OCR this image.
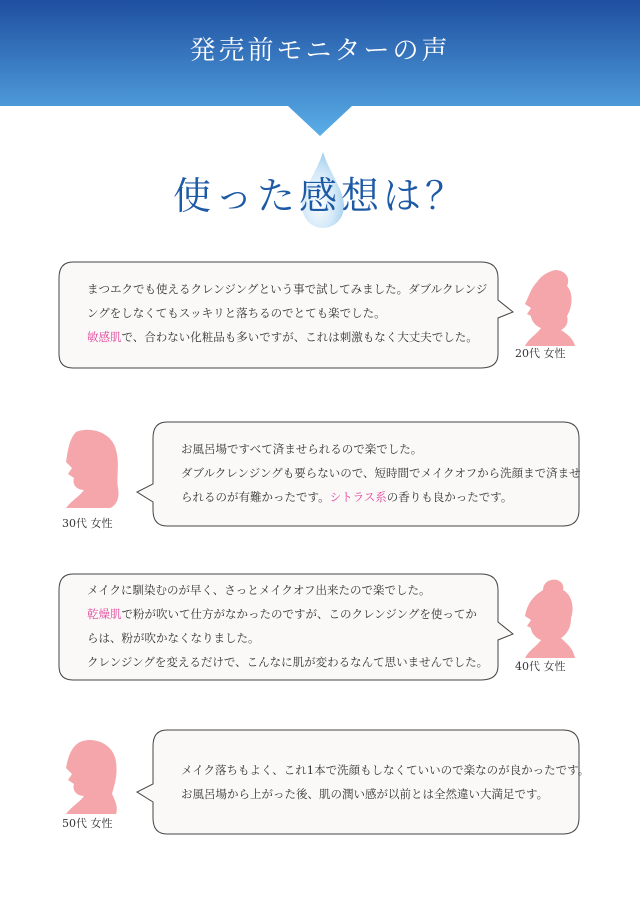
発売前モニターの声
使った感想は？
まつエクでも使えるクレンジングという事で試してみました。ダブルクレンジ
ングをしなくてもスッキリと落ちるのでとても楽でした。
敏感肌で、合わない化粧品も多いですが、これは刺激もなく大丈夫でした。
20代 女性
30代 女性
お風呂場ですべて済ませられるので楽でした。
ダブルクレンジングも要らないので、短時間でメイクオフから洗顔まで済ませ
られるのが有難かったです。シトラス系の香りも良かったです。
メイクに馴染むのが早く、さっとメイクオフ出来たので楽でした。
乾燥肌で粉が吹いて仕方がなかったのですが、このクレンジングを使ってか
らは、粉が吹かなくなりました。
クレンジングを変えるだけで、こんなに肌が変わるなんて思いませんでした。 40代 女性
50代 女性
メイク落ちもよく、これ1本で洗顔もしなくていいので楽なのが良かったです。
お風呂場から上がった後、肌の潤い感が以前とは全然違い大満足です。
